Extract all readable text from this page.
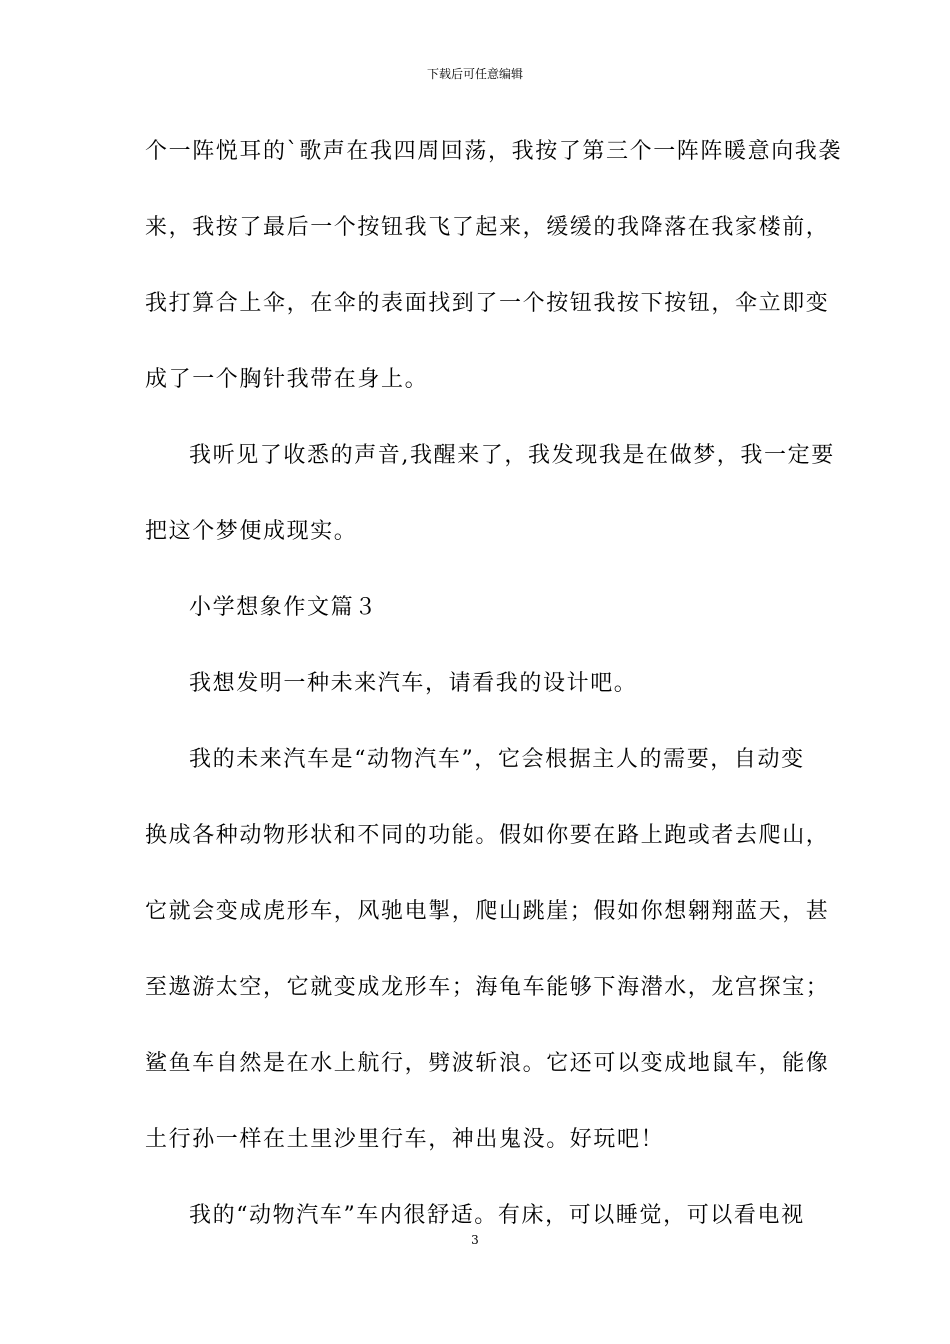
下载后可任意编辑

个一阵悦耳的`歌声在我四周回荡，我按了第三个一阵阵暖意向我袭

来，我按了最后一个按钮我飞了起来，缓缓的我降落在我家楼前，

我打算合上伞，在伞的表面找到了一个按钮我按下按钮，伞立即变

成了一个胸针我带在身上。

我听见了收悉的声音,我醒来了，我发现我是在做梦，我一定要

把这个梦便成现实。

小学想象作文篇３

我想发明一种未来汽车，请看我的设计吧。

我的未来汽车是“动物汽车”，它会根据主人的需要，自动变

换成各种动物形状和不同的功能。假如你要在路上跑或者去爬山，

它就会变成虎形车，风驰电掣，爬山跳崖；假如你想翱翔蓝天，甚

至遨游太空，它就变成龙形车；海龟车能够下海潜水，龙宫探宝；

鲨鱼车自然是在水上航行，劈波斩浪。它还可以变成地鼠车，能像

土行孙一样在土里沙里行车，神出鬼没。好玩吧！

我的“动物汽车”车内很舒适。有床，可以睡觉，可以看电视

3
